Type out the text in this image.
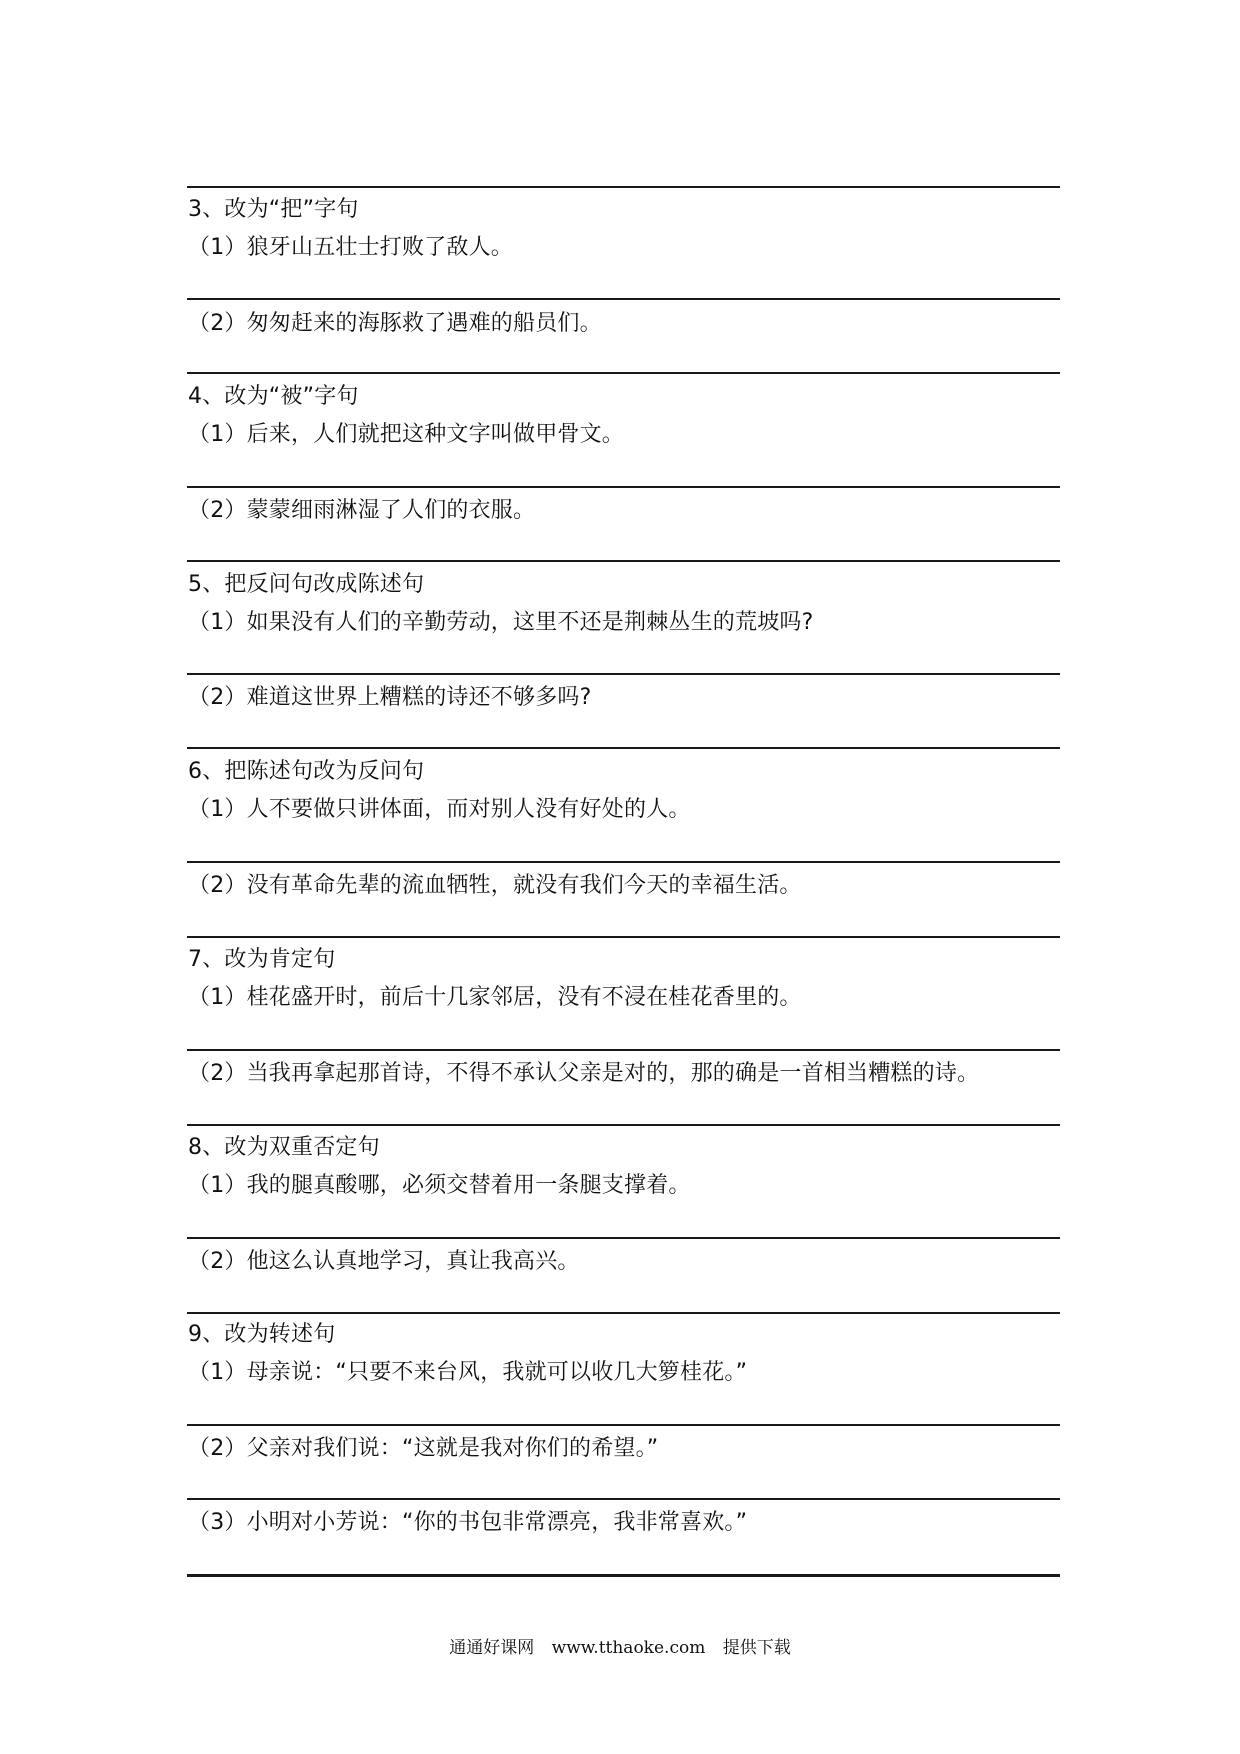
3、改为“把”字句
（1）狼牙山五壮士打败了敌人。
（2）匆匆赶来的海豚救了遇难的船员们。
4、改为“被”字句
（1）后来，人们就把这种文字叫做甲骨文。
（2）蒙蒙细雨淋湿了人们的衣服。
5、把反问句改成陈述句
（1）如果没有人们的辛勤劳动，这里不还是荆棘丛生的荒坡吗?
（2）难道这世界上糟糕的诗还不够多吗?
6、把陈述句改为反问句
（1）人不要做只讲体面，而对别人没有好处的人。
（2）没有革命先辈的流血牺牲，就没有我们今天的幸福生活。
7、改为肯定句
（1）桂花盛开时，前后十几家邻居，没有不浸在桂花香里的。
（2）当我再拿起那首诗，不得不承认父亲是对的，那的确是一首相当糟糕的诗。
8、改为双重否定句
（1）我的腿真酸哪，必须交替着用一条腿支撑着。
（2）他这么认真地学习，真让我高兴。
9、改为转述句
（1）母亲说：“只要不来台风，我就可以收几大箩桂花。”
（2）父亲对我们说：“这就是我对你们的希望。”
（3）小明对小芳说：“你的书包非常漂亮，我非常喜欢。”
通通好课网 www.tthaoke.com 提供下载
